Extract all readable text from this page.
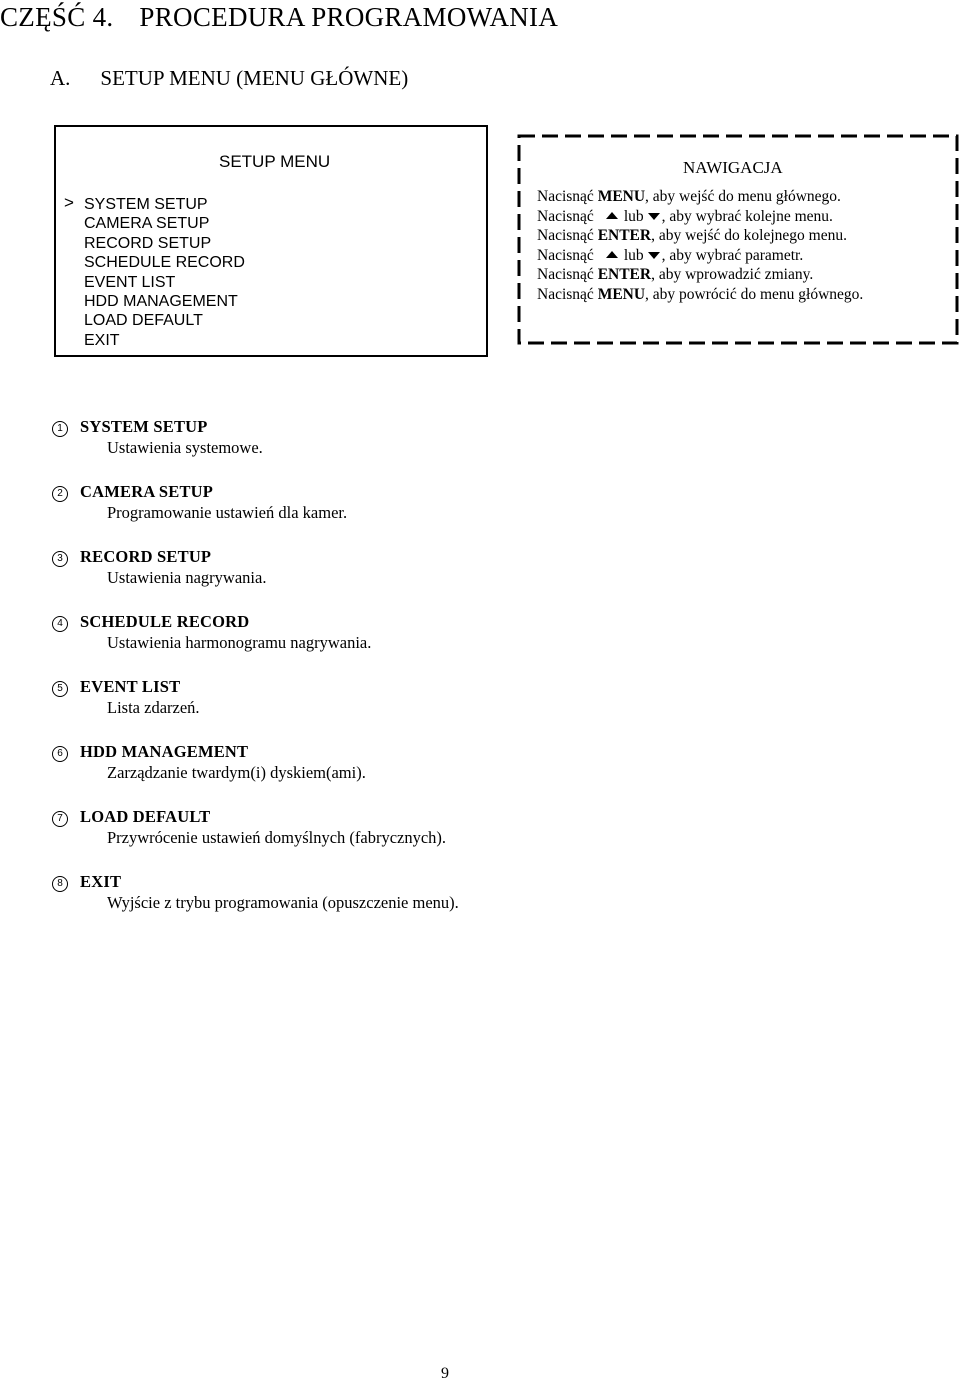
CZĘŚĆ 4. PROCEDURA PROGRAMOWANIA
A. SETUP MENU (MENU GŁÓWNE)
SETUP MENU
> SYSTEM SETUP
CAMERA SETUP
RECORD SETUP
SCHEDULE RECORD
EVENT LIST
HDD MANAGEMENT
LOAD DEFAULT
EXIT
NAWIGACJA
Nacisnąć MENU, aby wejść do menu głównego.
Nacisnąć lub , aby wybrać kolejne menu.
Nacisnąć ENTER, aby wejść do kolejnego menu.
Nacisnąć lub , aby wybrać parametr.
Nacisnąć ENTER, aby wprowadzić zmiany.
Nacisnąć MENU, aby powrócić do menu głównego.
1 SYSTEM SETUP
Ustawienia systemowe.
2 CAMERA SETUP
Programowanie ustawień dla kamer.
3 RECORD SETUP
Ustawienia nagrywania.
4 SCHEDULE RECORD
Ustawienia harmonogramu nagrywania.
5 EVENT LIST
Lista zdarzeń.
6 HDD MANAGEMENT
Zarządzanie twardym(i) dyskiem(ami).
7 LOAD DEFAULT
Przywrócenie ustawień domyślnych (fabrycznych).
8 EXIT
Wyjście z trybu programowania (opuszczenie menu).
9
